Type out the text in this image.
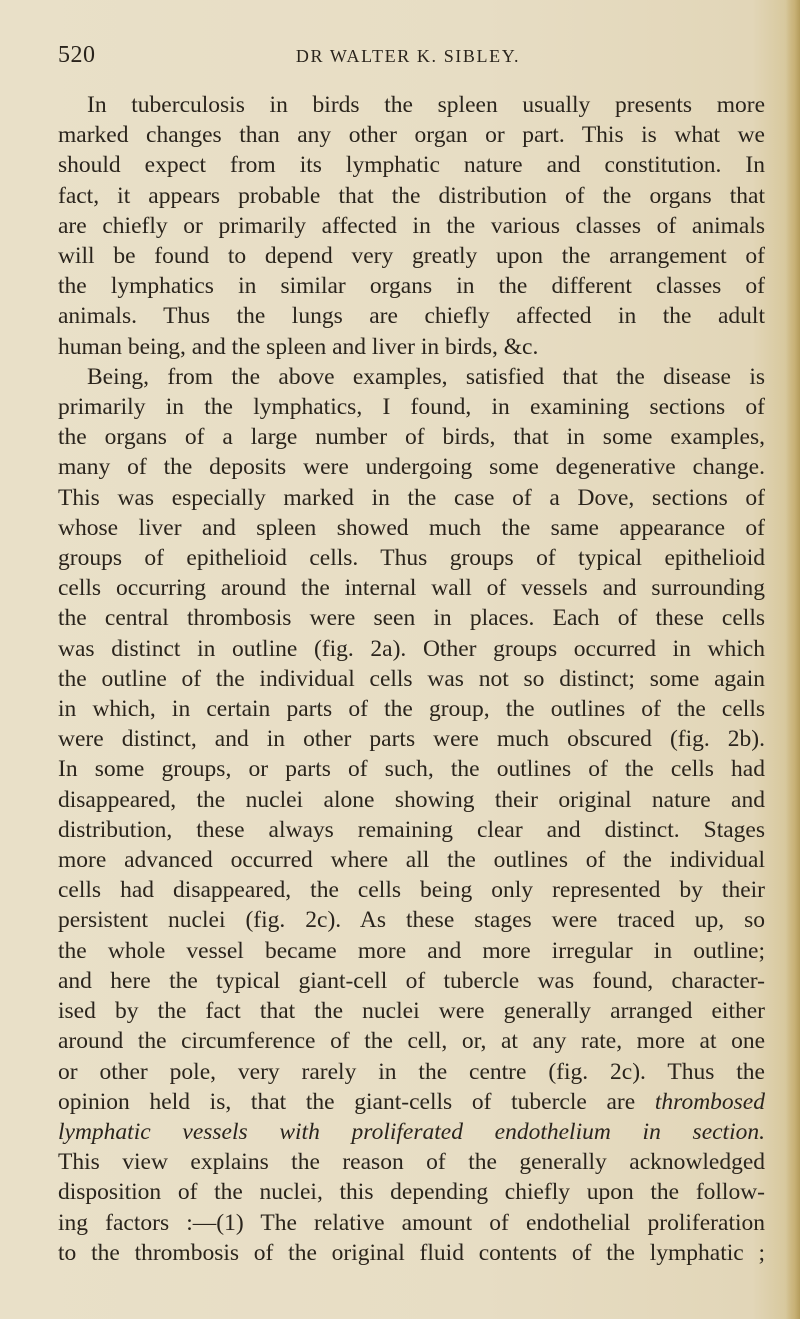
520	DR WALTER K. SIBLEY.
In tuberculosis in birds the spleen usually presents more
marked changes than any other organ or part. This is what we
should expect from its lymphatic nature and constitution. In
fact, it appears probable that the distribution of the organs that
are chiefly or primarily affected in the various classes of animals
will be found to depend very greatly upon the arrangement of
the lymphatics in similar organs in the different classes of
animals. Thus the lungs are chiefly affected in the adult
human being, and the spleen and liver in birds, &c.
Being, from the above examples, satisfied that the disease is
primarily in the lymphatics, I found, in examining sections of
the organs of a large number of birds, that in some examples,
many of the deposits were undergoing some degenerative change.
This was especially marked in the case of a Dove, sections of
whose liver and spleen showed much the same appearance of
groups of epithelioid cells. Thus groups of typical epithelioid
cells occurring around the internal wall of vessels and surrounding
the central thrombosis were seen in places. Each of these cells
was distinct in outline (fig. 2a). Other groups occurred in which
the outline of the individual cells was not so distinct; some again
in which, in certain parts of the group, the outlines of the cells
were distinct, and in other parts were much obscured (fig. 2b).
In some groups, or parts of such, the outlines of the cells had
disappeared, the nuclei alone showing their original nature and
distribution, these always remaining clear and distinct. Stages
more advanced occurred where all the outlines of the individual
cells had disappeared, the cells being only represented by their
persistent nuclei (fig. 2c). As these stages were traced up, so
the whole vessel became more and more irregular in outline;
and here the typical giant-cell of tubercle was found, character-
ised by the fact that the nuclei were generally arranged either
around the circumference of the cell, or, at any rate, more at one
or other pole, very rarely in the centre (fig. 2c). Thus the
opinion held is, that the giant-cells of tubercle are thrombosed
lymphatic vessels with proliferated endothelium in section.
This view explains the reason of the generally acknowledged
disposition of the nuclei, this depending chiefly upon the follow-
ing factors :—(1) The relative amount of endothelial proliferation
to the thrombosis of the original fluid contents of the lymphatic ;
